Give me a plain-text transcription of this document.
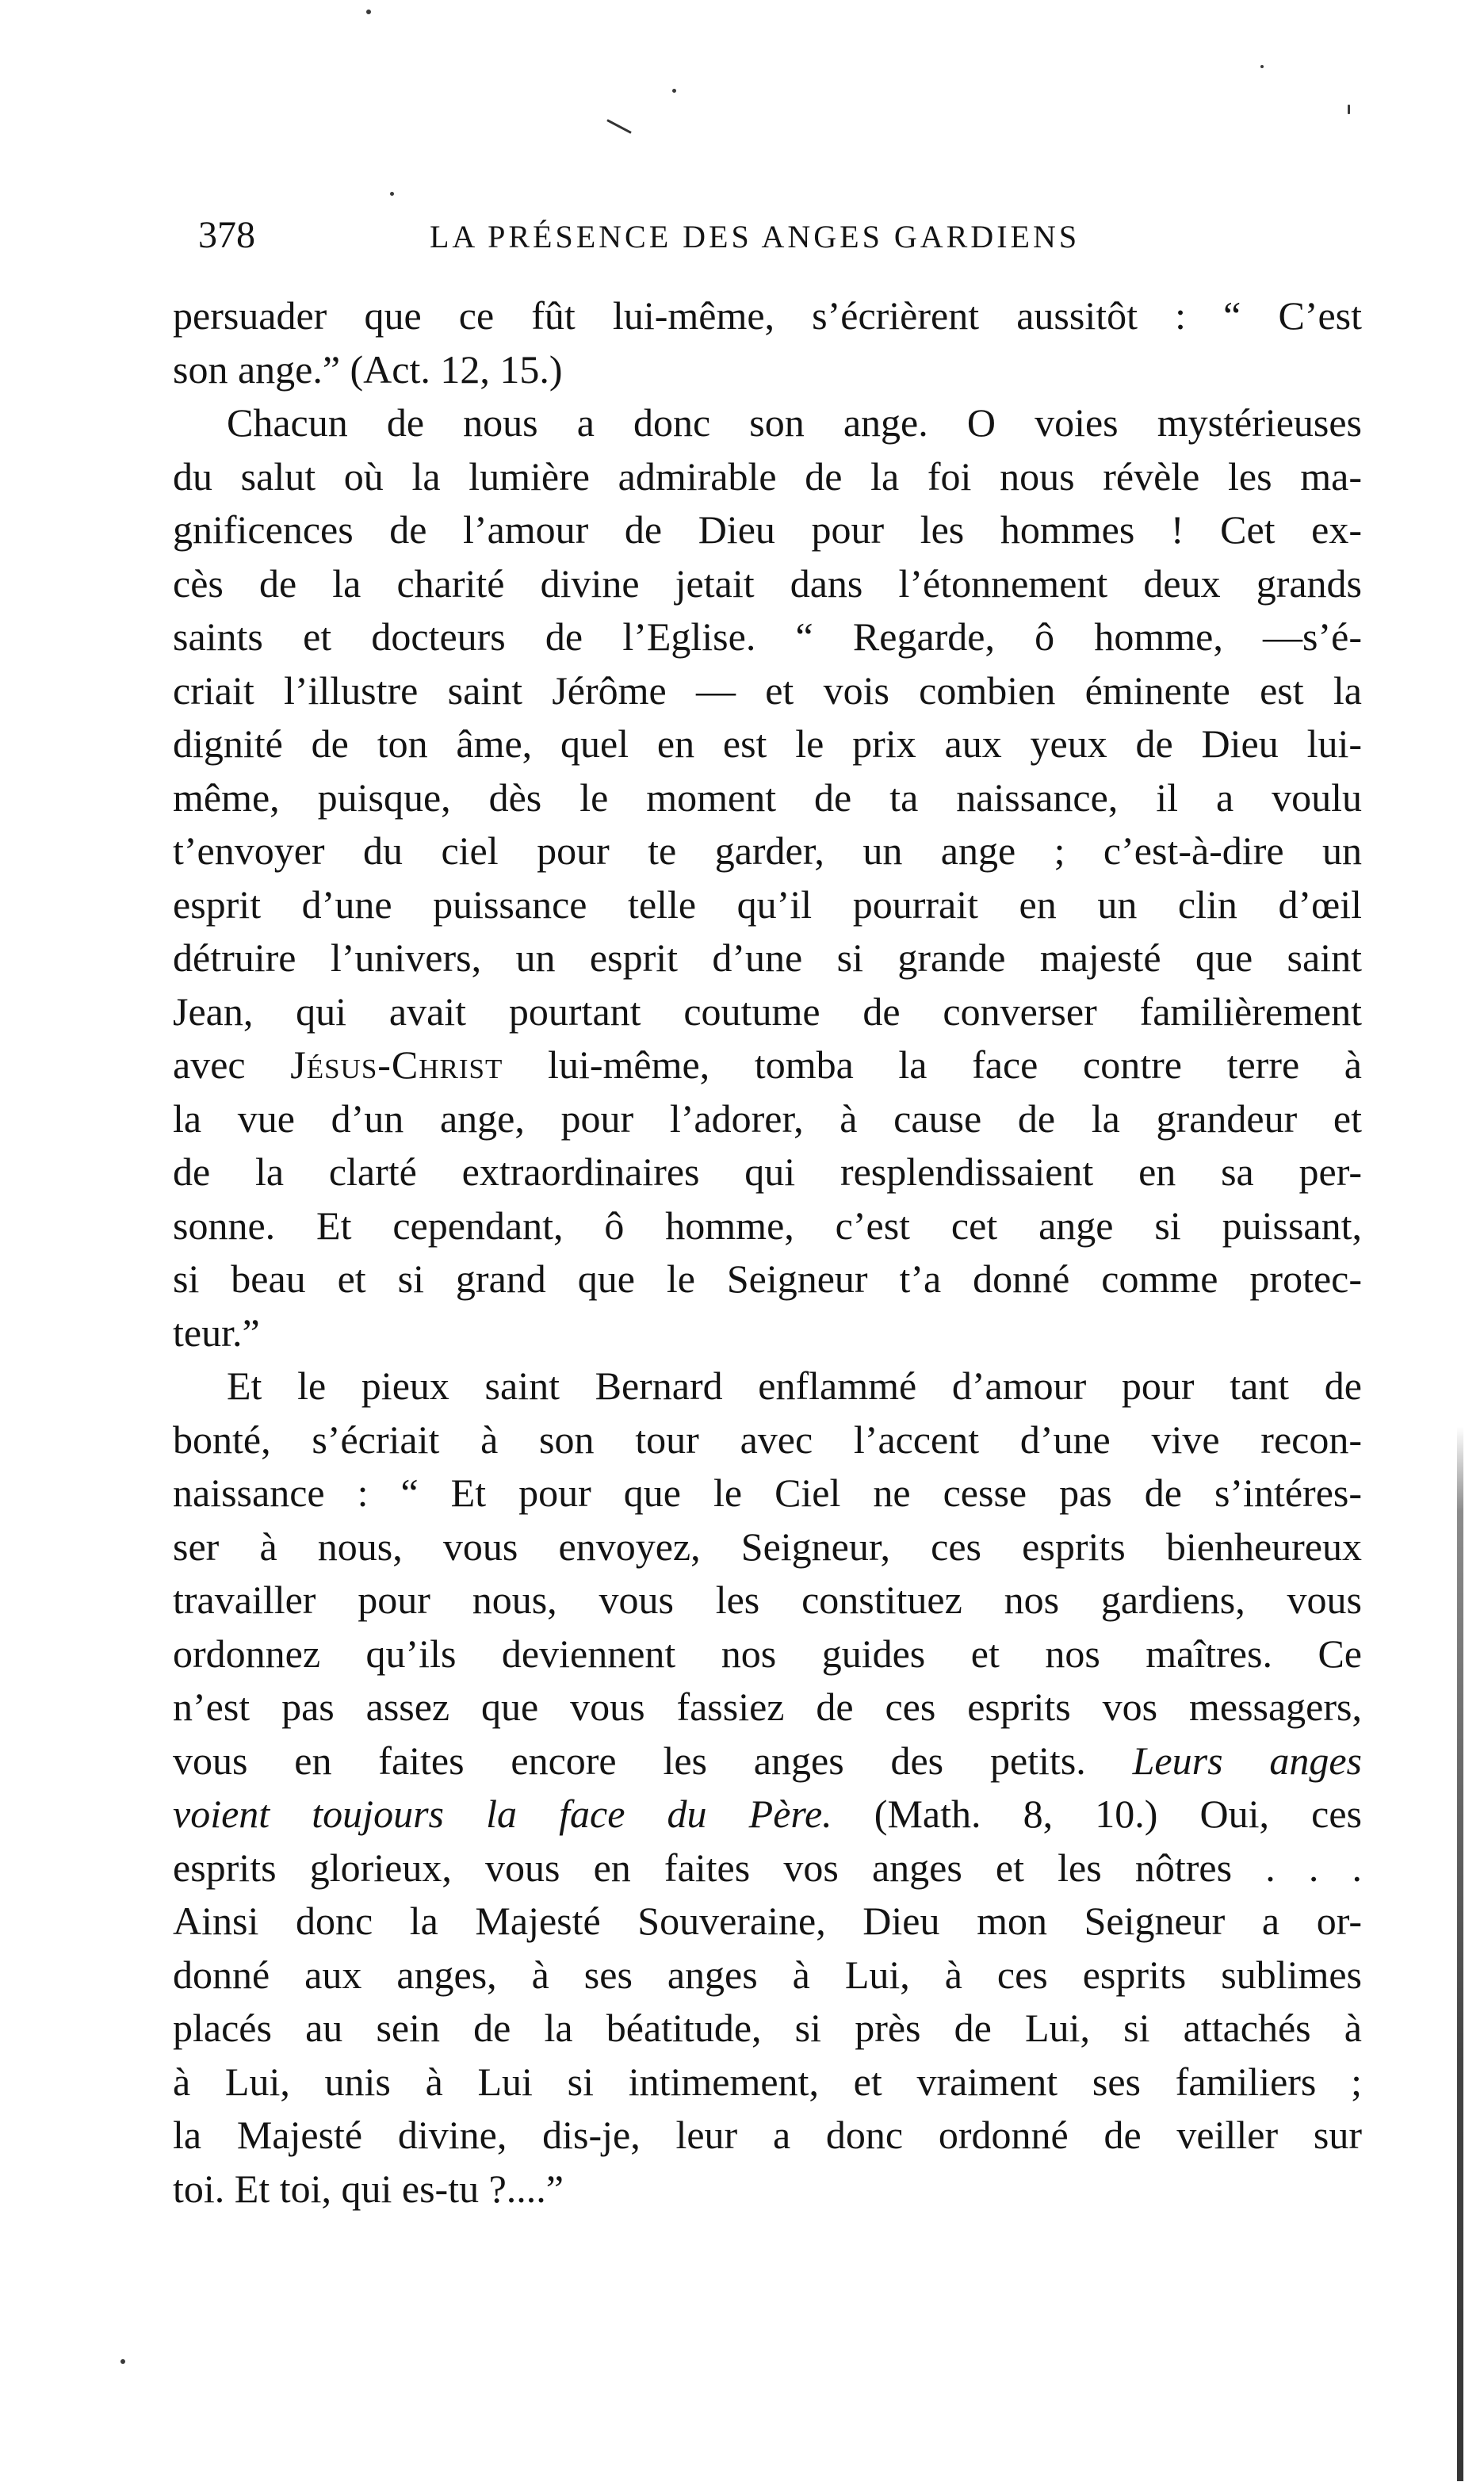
378	LA PRÉSENCE DES ANGES GARDIENS
persuader que ce fût lui-même, s’écrièrent aussitôt : “ C’est
son ange.” (Act. 12, 15.)
Chacun de nous a donc son ange. O voies mystérieuses
du salut où la lumière admirable de la foi nous révèle les ma-
gnificences de l’amour de Dieu pour les hommes ! Cet ex-
cès de la charité divine jetait dans l’étonnement deux grands
saints et docteurs de l’Eglise. “ Regarde, ô homme, —s’é-
criait l’illustre saint Jérôme — et vois combien éminente est la
dignité de ton âme, quel en est le prix aux yeux de Dieu lui-
même, puisque, dès le moment de ta naissance, il a voulu
t’envoyer du ciel pour te garder, un ange ; c’est-à-dire un
esprit d’une puissance telle qu’il pourrait en un clin d’œil
détruire l’univers, un esprit d’une si grande majesté que saint
Jean, qui avait pourtant coutume de converser familièrement
avec Jésus-Christ lui-même, tomba la face contre terre à
la vue d’un ange, pour l’adorer, à cause de la grandeur et
de la clarté extraordinaires qui resplendissaient en sa per-
sonne. Et cependant, ô homme, c’est cet ange si puissant,
si beau et si grand que le Seigneur t’a donné comme protec-
teur.”
Et le pieux saint Bernard enflammé d’amour pour tant de
bonté, s’écriait à son tour avec l’accent d’une vive recon-
naissance : “ Et pour que le Ciel ne cesse pas de s’intéres-
ser à nous, vous envoyez, Seigneur, ces esprits bienheureux
travailler pour nous, vous les constituez nos gardiens, vous
ordonnez qu’ils deviennent nos guides et nos maîtres. Ce
n’est pas assez que vous fassiez de ces esprits vos messagers,
vous en faites encore les anges des petits. Leurs anges
voient toujours la face du Père. (Math. 8, 10.) Oui, ces
esprits glorieux, vous en faites vos anges et les nôtres . . .
Ainsi donc la Majesté Souveraine, Dieu mon Seigneur a or-
donné aux anges, à ses anges à Lui, à ces esprits sublimes
placés au sein de la béatitude, si près de Lui, si attachés à
à Lui, unis à Lui si intimement, et vraiment ses familiers ;
la Majesté divine, dis-je, leur a donc ordonné de veiller sur
toi. Et toi, qui es-tu ?....”
